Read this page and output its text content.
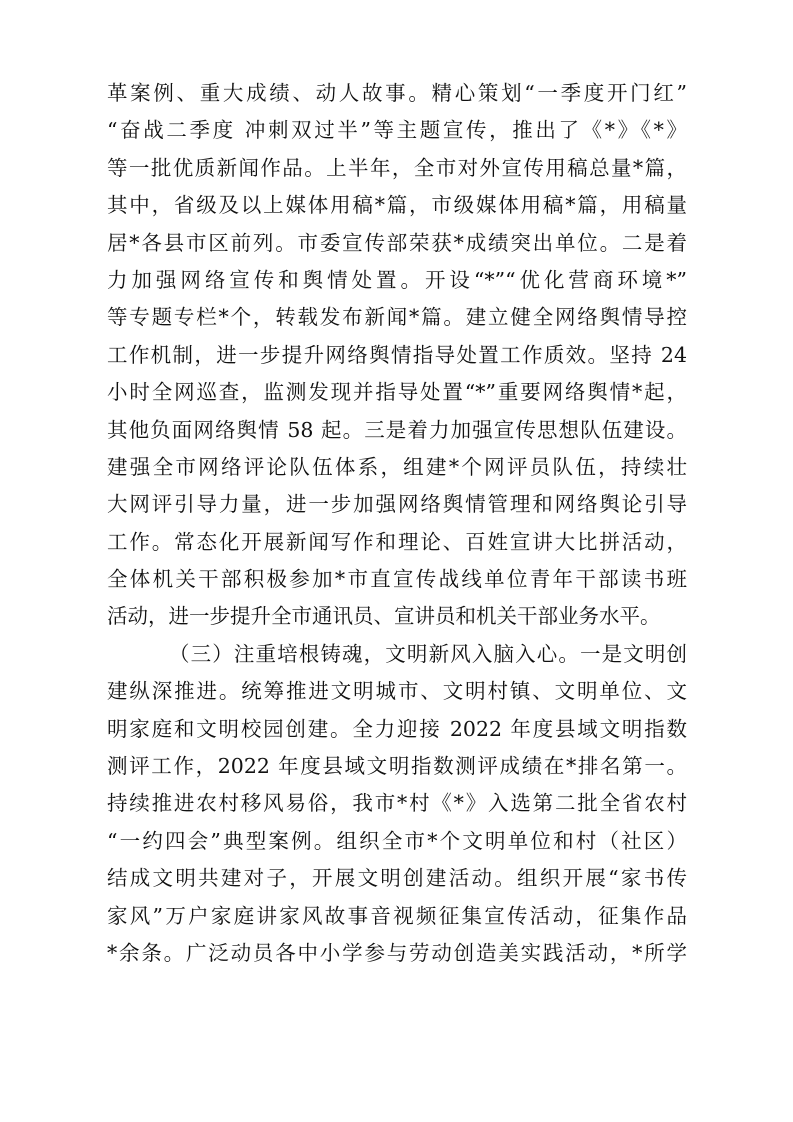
革案例、重大成绩、动人故事。精心策划“一季度开门红”
“奋战二季度 冲刺双过半”等主题宣传，推出了《*》《*》
等一批优质新闻作品。上半年，全市对外宣传用稿总量*篇，
其中，省级及以上媒体用稿*篇，市级媒体用稿*篇，用稿量
居*各县市区前列。市委宣传部荣获*成绩突出单位。二是着
力加强网络宣传和舆情处置。开设“*”“优化营商环境*”
等专题专栏*个，转载发布新闻*篇。建立健全网络舆情导控
工作机制，进一步提升网络舆情指导处置工作质效。坚持 24
小时全网巡查，监测发现并指导处置“*”重要网络舆情*起，
其他负面网络舆情 58 起。三是着力加强宣传思想队伍建设。
建强全市网络评论队伍体系，组建*个网评员队伍，持续壮
大网评引导力量，进一步加强网络舆情管理和网络舆论引导
工作。常态化开展新闻写作和理论、百姓宣讲大比拼活动，
全体机关干部积极参加*市直宣传战线单位青年干部读书班
活动，进一步提升全市通讯员、宣讲员和机关干部业务水平。
（三）注重培根铸魂，文明新风入脑入心。一是文明创
建纵深推进。统筹推进文明城市、文明村镇、文明单位、文
明家庭和文明校园创建。全力迎接 2022 年度县域文明指数
测评工作，2022 年度县域文明指数测评成绩在*排名第一。
持续推进农村移风易俗，我市*村《*》入选第二批全省农村
“一约四会”典型案例。组织全市*个文明单位和村（社区）
结成文明共建对子，开展文明创建活动。组织开展“家书传
家风”万户家庭讲家风故事音视频征集宣传活动，征集作品
*余条。广泛动员各中小学参与劳动创造美实践活动，*所学
